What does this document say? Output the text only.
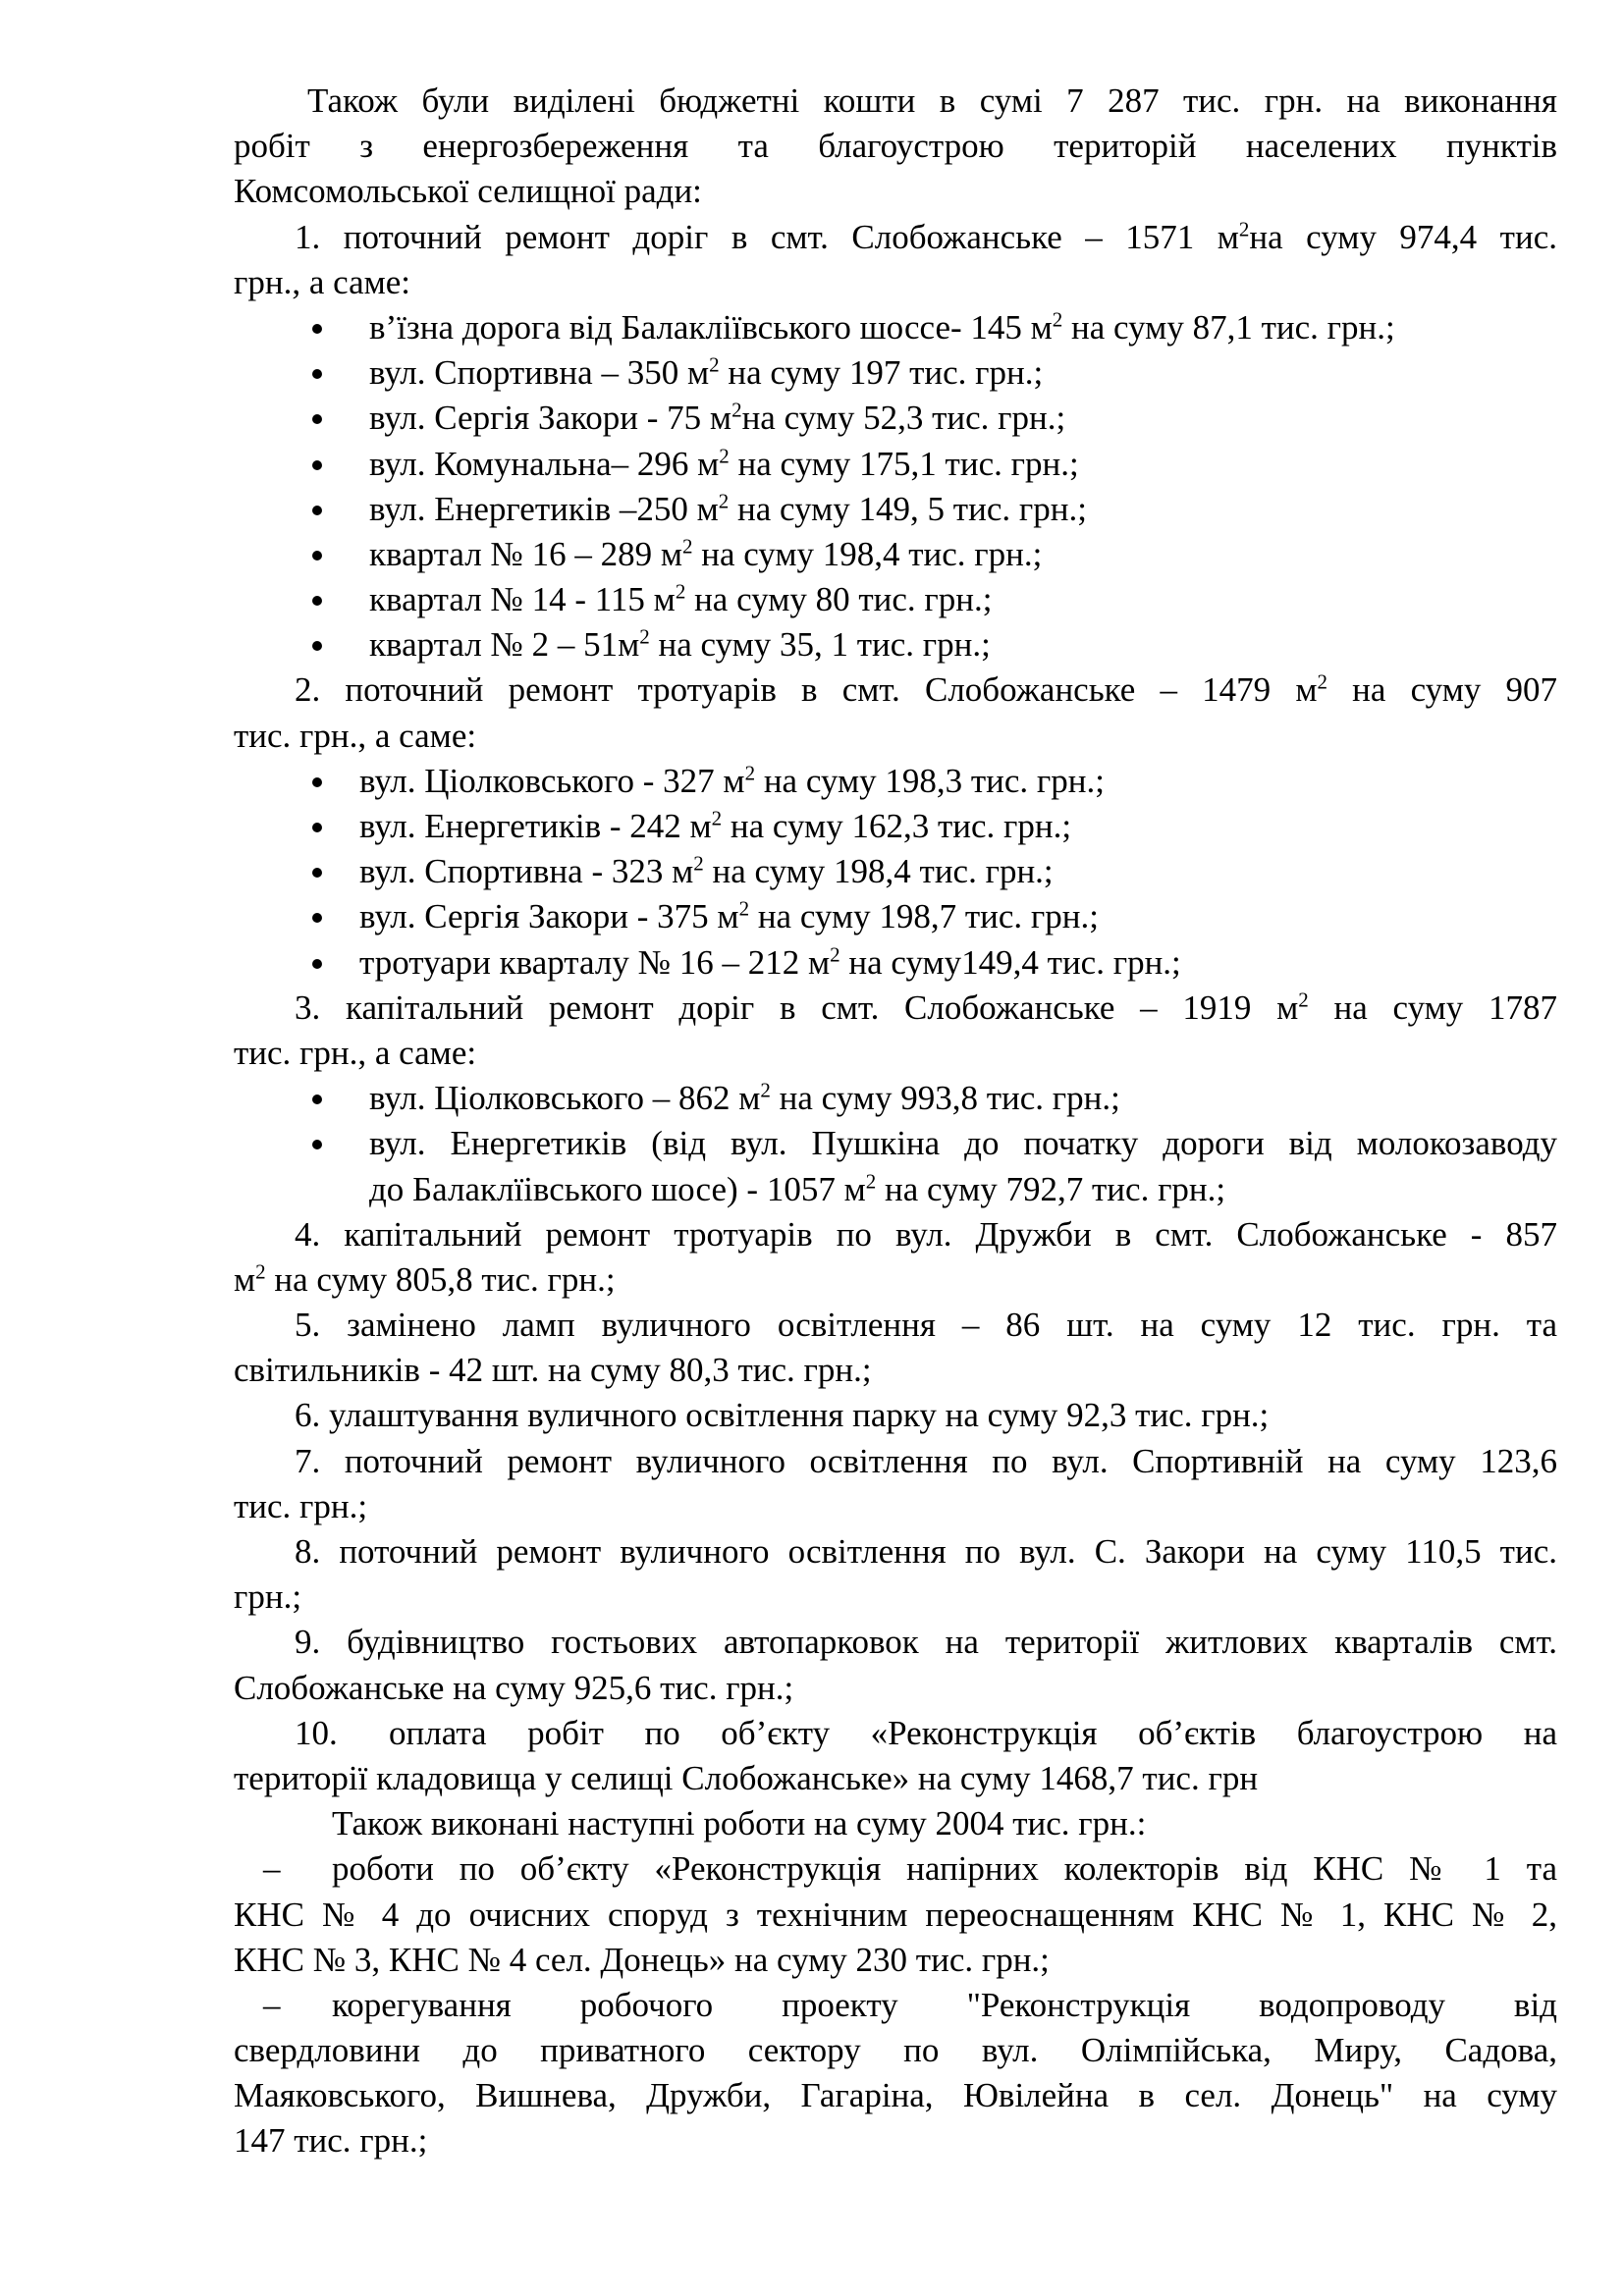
Також були виділені бюджетні кошти в сумі 7 287 тис. грн. на виконання
робіт з енергозбереження та благоустрою територій населених пунктів
Комсомольської селищної ради:
1. поточний ремонт доріг в смт. Слобожанське – 1571 $м^2на$ суму 974,4 тис.
грн., а саме:
в’їзна дорога від Балакліївського шоссе- 145 $м^2$ на суму 87,1 тис. грн.;
вул. Спортивна – 350 $м^2$ на суму 197 тис. грн.;
вул. Сергія Закори - 75 $м^2на$ суму 52,3 тис. грн.;
вул. Комунальна– 296 $м^2$ на суму 175,1 тис. грн.;
вул. Енергетиків –250 $м^2$ на суму 149, 5 тис. грн.;
квартал № 16 – 289 $м^2$ на суму 198,4 тис. грн.;
квартал № 14 - 115 $м^2$ на суму 80 тис. грн.;
квартал № $2 - 51м^2$ на суму 35, 1 тис. грн.;
2. поточний ремонт тротуарів в смт. Слобожанське – 1479 $м^2$ на суму 907
тис. грн., а саме:
вул. Ціолковського - 327 $м^2$ на суму 198,3 тис. грн.;
вул. Енергетиків - 242 $м^2$ на суму 162,3 тис. грн.;
вул. Спортивна - 323 $м^2$ на суму 198,4 тис. грн.;
вул. Сергія Закори - 375 $м^2$ на суму 198,7 тис. грн.;
тротуари кварталу № 16 – 212 $м^2$ на суму149,4 тис. грн.;
3. капітальний ремонт доріг в смт. Слобожанське – 1919 $м^2$ на суму 1787
тис. грн., а саме:
вул. Ціолковського – 862 $м^2$ на суму 993,8 тис. грн.;
вул. Енергетиків (від вул. Пушкіна до початку дороги від молокозаводу
до Балаклїівського шосе) - 1057 $м^2$ на суму 792,7 тис. грн.;
4. капітальний ремонт тротуарів по вул. Дружби в смт. Слобожанське - 857
$м^2$ на суму 805,8 тис. грн.;
5. замінено ламп вуличного освітлення – 86 шт. на суму 12 тис. грн. та
світильників - 42 шт. на суму 80,3 тис. грн.;
6. улаштування вуличного освітлення парку на суму 92,3 тис. грн.;
7. поточний ремонт вуличного освітлення по вул. Спортивній на суму 123,6
тис. грн.;
8. поточний ремонт вуличного освітлення по вул. С. Закори на суму 110,5 тис.
грн.;
9. будівництво гостьових автопарковок на території житлових кварталів смт.
Слобожанське на суму 925,6 тис. грн.;
10. оплата робіт по об’єкту «Реконструкція об’єктів благоустрою на
території кладовища у селищі Слобожанське» на суму 1468,7 тис. грн
Також виконані наступні роботи на суму 2004 тис. грн.:
– роботи по об’єкту «Реконструкція напірних колекторів від КНС № 1 та
КНС № 4 до очисних споруд з технічним переоснащенням КНС № 1, КНС № 2,
КНС № 3, КНС № 4 сел. Донець» на суму 230 тис. грн.;
– корегування робочого проекту "Реконструкція водопроводу від
свердловини до приватного сектору по вул. Олімпійська, Миру, Садова,
Маяковського, Вишнева, Дружби, Гагаріна, Ювілейна в сел. Донець" на суму
147 тис. грн.;
